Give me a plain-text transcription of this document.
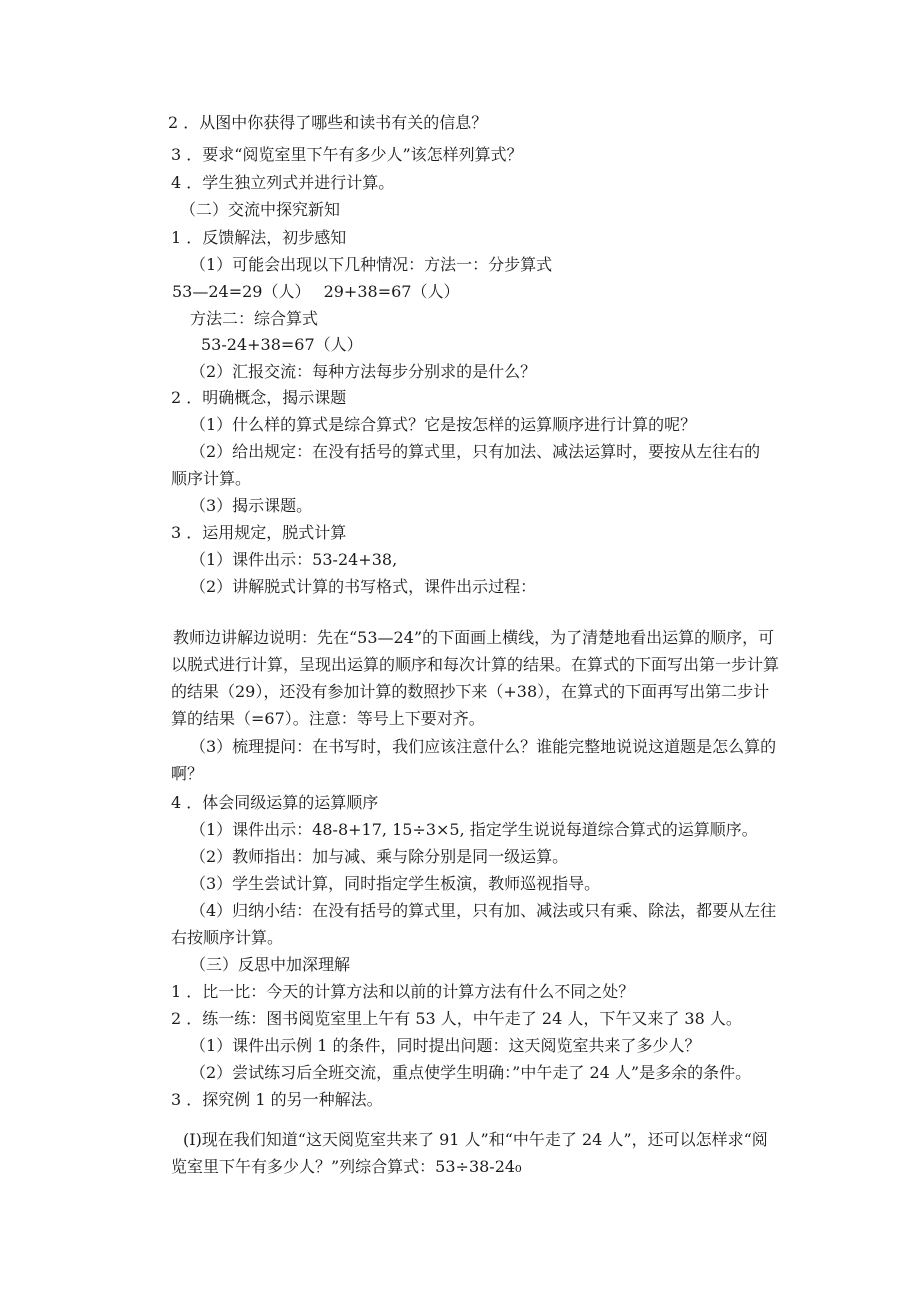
2 ．从图中你获得了哪些和读书有关的信息？
3 ．要求“阅览室里下午有多少人”该怎样列算式？
4 ．学生独立列式并进行计算。
（二）交流中探究新知
1 ．反馈解法，初步感知
（1）可能会出现以下几种情况：方法一：分步算式
53—24=29（人）　 29+38=67（人）
方法二：综合算式
53-24+38=67（人）
（2）汇报交流：每种方法每步分别求的是什么？
2 ．明确概念，揭示课题
（1）什么样的算式是综合算式？它是按怎样的运算顺序进行计算的呢？
（2）给出规定：在没有括号的算式里，只有加法、减法运算时，要按从左往右的
顺序计算。
（3）揭示课题。
3 ．运用规定，脱式计算
（1）课件出示：53-24+38,
（2）讲解脱式计算的书写格式，课件出示过程：
教师边讲解边说明：先在“53—24”的下面画上横线，为了清楚地看出运算的顺序，可以脱式进行计算，呈现出运算的顺序和每次计算的结果。在算式的下面写出第一步计算的结果（29），还没有参加计算的数照抄下来（+38），在算式的下面再写出第二步计算的结果（=67）。注意：等号上下要对齐。
（3）梳理提问：在书写时，我们应该注意什么？谁能完整地说说这道题是怎么算的啊？
4 ．体会同级运算的运算顺序
（1）课件出示：48-8+17, 15÷3×5, 指定学生说说每道综合算式的运算顺序。
（2）教师指出：加与减、乘与除分别是同一级运算。
（3）学生尝试计算，同时指定学生板演，教师巡视指导。
（4）归纳小结：在没有括号的算式里，只有加、减法或只有乘、除法，都要从左往右按顺序计算。
（三）反思中加深理解
1 ．比一比：今天的计算方法和以前的计算方法有什么不同之处？
2 ．练一练：图书阅览室里上午有 53 人，中午走了 24 人，下午又来了 38 人。
（1）课件出示例 1 的条件，同时提出问题：这天阅览室共来了多少人？
（2）尝试练习后全班交流，重点使学生明确：”中午走了 24 人”是多余的条件。
3 ．探究例 1 的另一种解法。
(I)现在我们知道“这天阅览室共来了 91 人”和“中午走了 24 人”，还可以怎样求“阅览室里下午有多少人？”列综合算式：53÷38-24₀
